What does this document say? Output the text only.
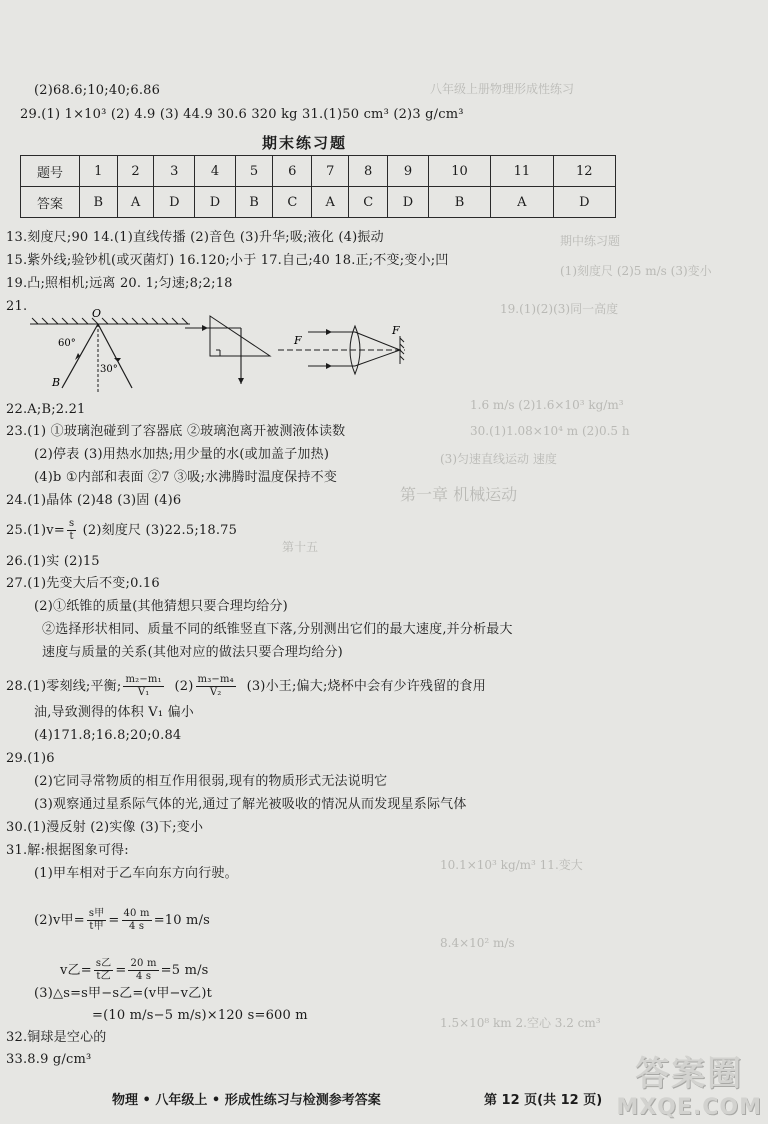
八年级上册物理形成性练习
第一章 机械运动
期中练习题
第十五
(1)刻度尺 (2)5 m/s (3)变小
1.6 m/s (2)1.6×10³ kg/m³
30.(1)1.08×10⁴ m (2)0.5 h
(3)匀速直线运动 速度
10.1×10³ kg/m³ 11.变大
8.4×10² m/s
1.5×10⁸ km 2.空心 3.2 cm³
19.(1)(2)(3)同一高度
(2)68.6;10;40;6.86
29.(1) 1×10³ (2) 4.9 (3) 44.9 30.6 320 kg 31.(1)50 cm³ (2)3 g/cm³
期末练习题
题号	1	2	3	4	5	6	7	8	9	10	11	12
答案	B	A	D	D	B	C	A	C	D	B	A	D
13.刻度尺;90 14.(1)直线传播 (2)音色 (3)升华;吸;液化 (4)振动
15.紫外线;验钞机(或灭菌灯) 16.120;小于 17.自己;40 18.正;不变;变小;凹
19.凸;照相机;远离 20. 1;匀速;8;2;18
21.	O
60°
30°
B
F
F
22.A;B;2.21
23.(1) ①玻璃泡碰到了容器底 ②玻璃泡离开被测液体读数
(2)停表 (3)用热水加热;用少量的水(或加盖子加热)
(4)b ①内部和表面 ②7 ③吸;水沸腾时温度保持不变
24.(1)晶体 (2)48 (3)固 (4)6
$25.(1)v= \frac{s}{t} (2)$刻度尺 (3)22.5;18.75
26.(1)实 (2)15
27.(1)先变大后不变;0.16
(2)①纸锥的质量(其他猜想只要合理均给分)
②选择形状相同、质量不同的纸锥竖直下落,分别测出它们的最大速度,并分析最大
速度与质量的关系(其他对应的做法只要合理均给分)
28.(1)零刻线;平衡; $\frac{\text{m₂−m₁}}{\text{V₁}} (2) \frac{\text{m₃−m₄}}{\text{V₂}} (3)$小王;偏大;烧杯中会有少许残留的食用
油,导致测得的体积 V₁ 偏小
(4)171.8;16.8;20;0.84
29.(1)6
(2)它同寻常物质的相互作用很弱,现有的物质形式无法说明它
(3)观察通过星系际气体的光,通过了解光被吸收的情况从而发现星系际气体
30.(1)漫反射 (2)实像 (3)下;变小
31.解:根据图象可得:
(1)甲车相对于乙车向东方向行驶。
(2)v甲= $\frac{\text{s甲}}{\text{t甲}} = \frac{40 m}{4 s} =10$ m/s
v乙= $\frac{\text{s乙}}{\text{t乙}} = \frac{20 m}{4 s} =5$ m/s
(3)△s=s甲−s乙=(v甲−v乙)t
=(10 m/s−5 m/s)×120 s=600 m
32.铜球是空心的
33.8.9 g/cm³
物理 • 八年级上 • 形成性练习与检测参考答案	第 12 页(共 12 页)
答案圈
MXQE.COM
